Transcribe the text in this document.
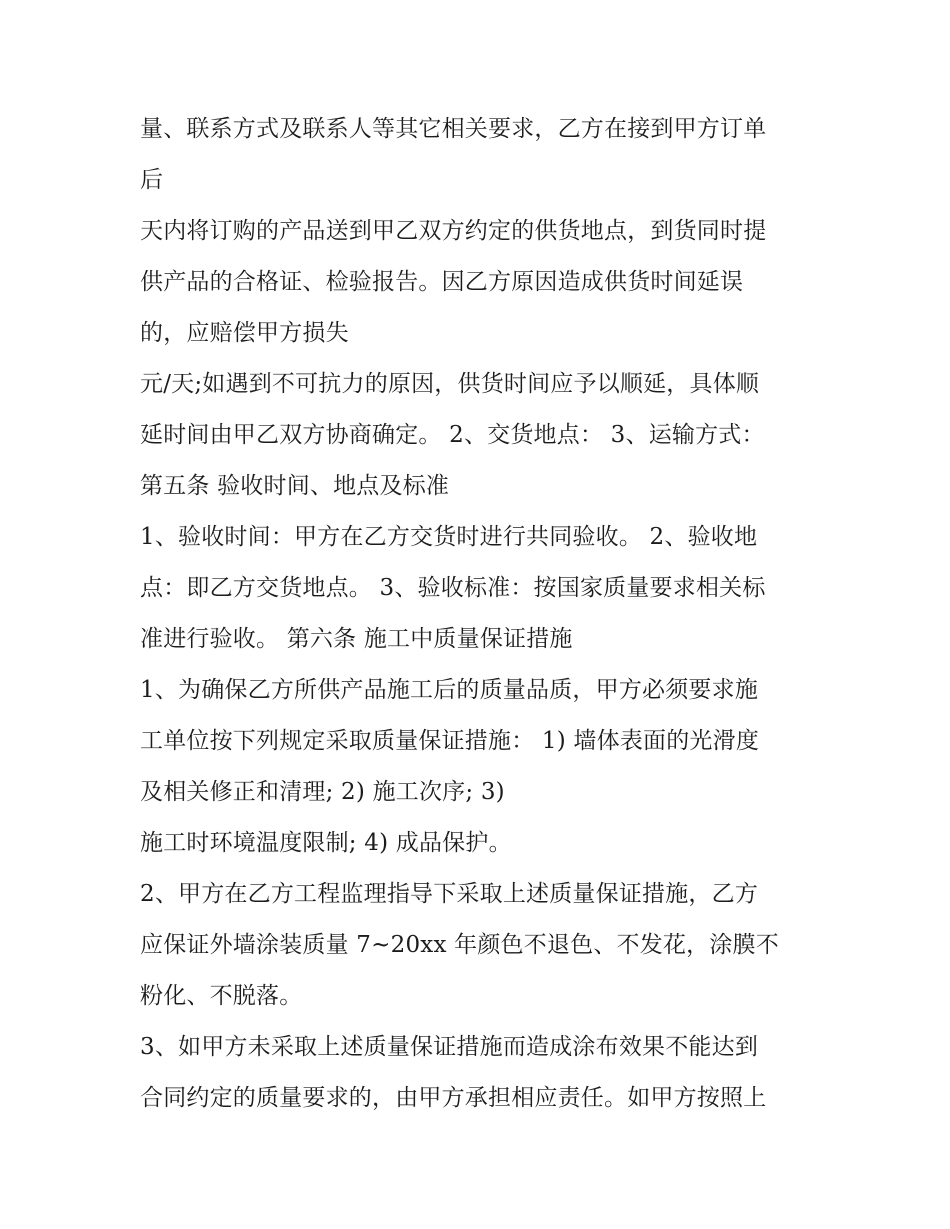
量、联系方式及联系人等其它相关要求，乙方在接到甲方订单
后
天内将订购的产品送到甲乙双方约定的供货地点，到货同时提
供产品的合格证、检验报告。因乙方原因造成供货时间延误
的，应赔偿甲方损失
元/天;如遇到不可抗力的原因，供货时间应予以顺延，具体顺
延时间由甲乙双方协商确定。 2、交货地点： 3、运输方式：
第五条 验收时间、地点及标准
1、验收时间：甲方在乙方交货时进行共同验收。 2、验收地
点：即乙方交货地点。 3、验收标准：按国家质量要求相关标
准进行验收。 第六条 施工中质量保证措施
1、为确保乙方所供产品施工后的质量品质，甲方必须要求施
工单位按下列规定采取质量保证措施： 1) 墙体表面的光滑度
及相关修正和清理; 2) 施工次序; 3)
施工时环境温度限制; 4) 成品保护。
2、甲方在乙方工程监理指导下采取上述质量保证措施，乙方
应保证外墙涂装质量 7~20xx 年颜色不退色、不发花，涂膜不
粉化、不脱落。
3、如甲方未采取上述质量保证措施而造成涂布效果不能达到
合同约定的质量要求的，由甲方承担相应责任。如甲方按照上
